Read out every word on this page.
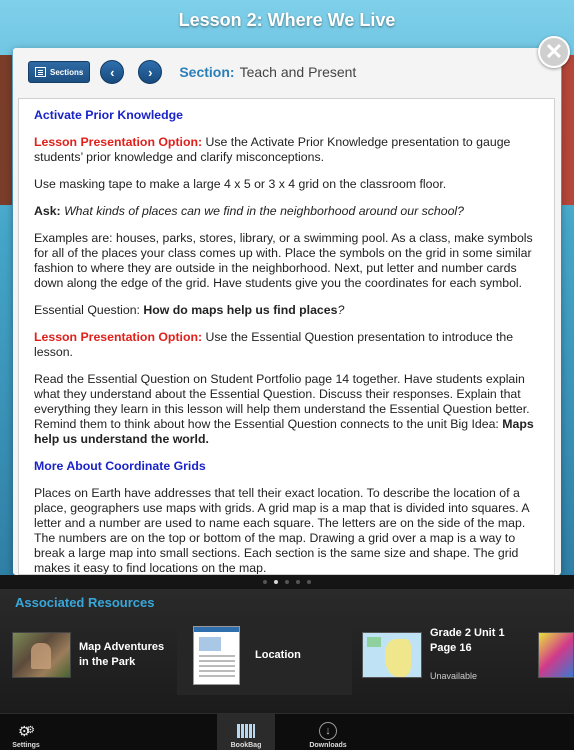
Lesson 2: Where We Live
✕
Sections ‹	› Section: Teach and Present

Activate Prior Knowledge

Lesson Presentation Option: Use the Activate Prior Knowledge presentation to gauge students’ prior knowledge and clarify misconceptions.

Use masking tape to make a large 4 x 5 or 3 x 4 grid on the classroom floor.

Ask: What kinds of places can we find in the neighborhood around our school?

Examples are: houses, parks, stores, library, or a swimming pool. As a class, make symbols for all of the places your class comes up with. Place the symbols on the grid in some similar fashion to where they are outside in the neighborhood. Next, put letter and number cards down along the edge of the grid. Have students give you the coordinates for each symbol.

Essential Question: How do maps help us find places?

Lesson Presentation Option: Use the Essential Question presentation to introduce the lesson.

Read the Essential Question on Student Portfolio page 14 together. Have students explain what they understand about the Essential Question. Discuss their responses. Explain that everything they learn in this lesson will help them understand the Essential Question better. Remind them to think about how the Essential Question connects to the unit Big Idea: Maps help us understand the world.

More About Coordinate Grids

Places on Earth have addresses that tell their exact location. To describe the location of a place, geographers use maps with grids. A grid map is a map that is divided into squares. A letter and a number are used to name each square. The letters are on the side of the map. The numbers are on the top or bottom of the map. Drawing a grid over a map is a way to break a large map into small sections. Each section is the same size and shape. The grid makes it easy to find locations on the map.

Associated Resources
Map Adventures
in the Park
Location
Grade 2 Unit 1
Page 16
Unavailable
⚙ ⚙
Settings	BookBag
↓
Downloads
